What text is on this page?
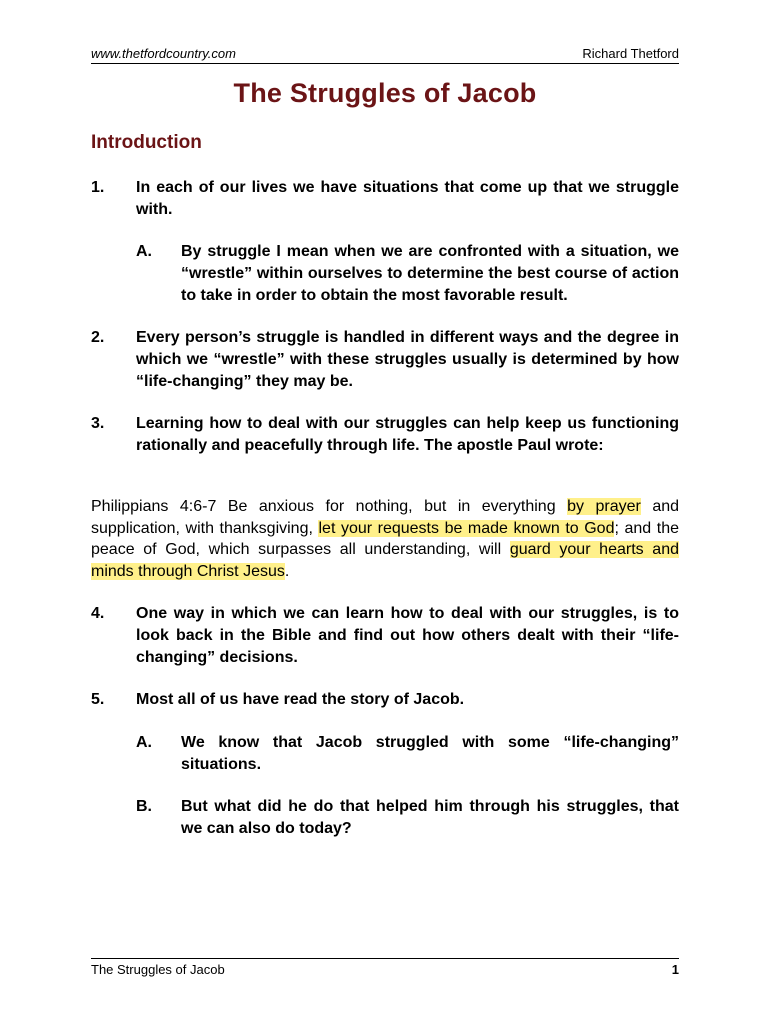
www.thetfordcountry.com	Richard Thetford
The Struggles of Jacob
Introduction
1. In each of our lives we have situations that come up that we struggle with.
A. By struggle I mean when we are confronted with a situation, we “wrestle” within ourselves to determine the best course of action to take in order to obtain the most favorable result.
2. Every person’s struggle is handled in different ways and the degree in which we “wrestle” with these struggles usually is determined by how “life-changing” they may be.
3. Learning how to deal with our struggles can help keep us functioning rationally and peacefully through life. The apostle Paul wrote:
Philippians 4:6-7 Be anxious for nothing, but in everything by prayer and supplication, with thanksgiving, let your requests be made known to God; and the peace of God, which surpasses all understanding, will guard your hearts and minds through Christ Jesus.
4. One way in which we can learn how to deal with our struggles, is to look back in the Bible and find out how others dealt with their “life-changing” decisions.
5. Most all of us have read the story of Jacob.
A. We know that Jacob struggled with some “life-changing” situations.
B. But what did he do that helped him through his struggles, that we can also do today?
The Struggles of Jacob	1
